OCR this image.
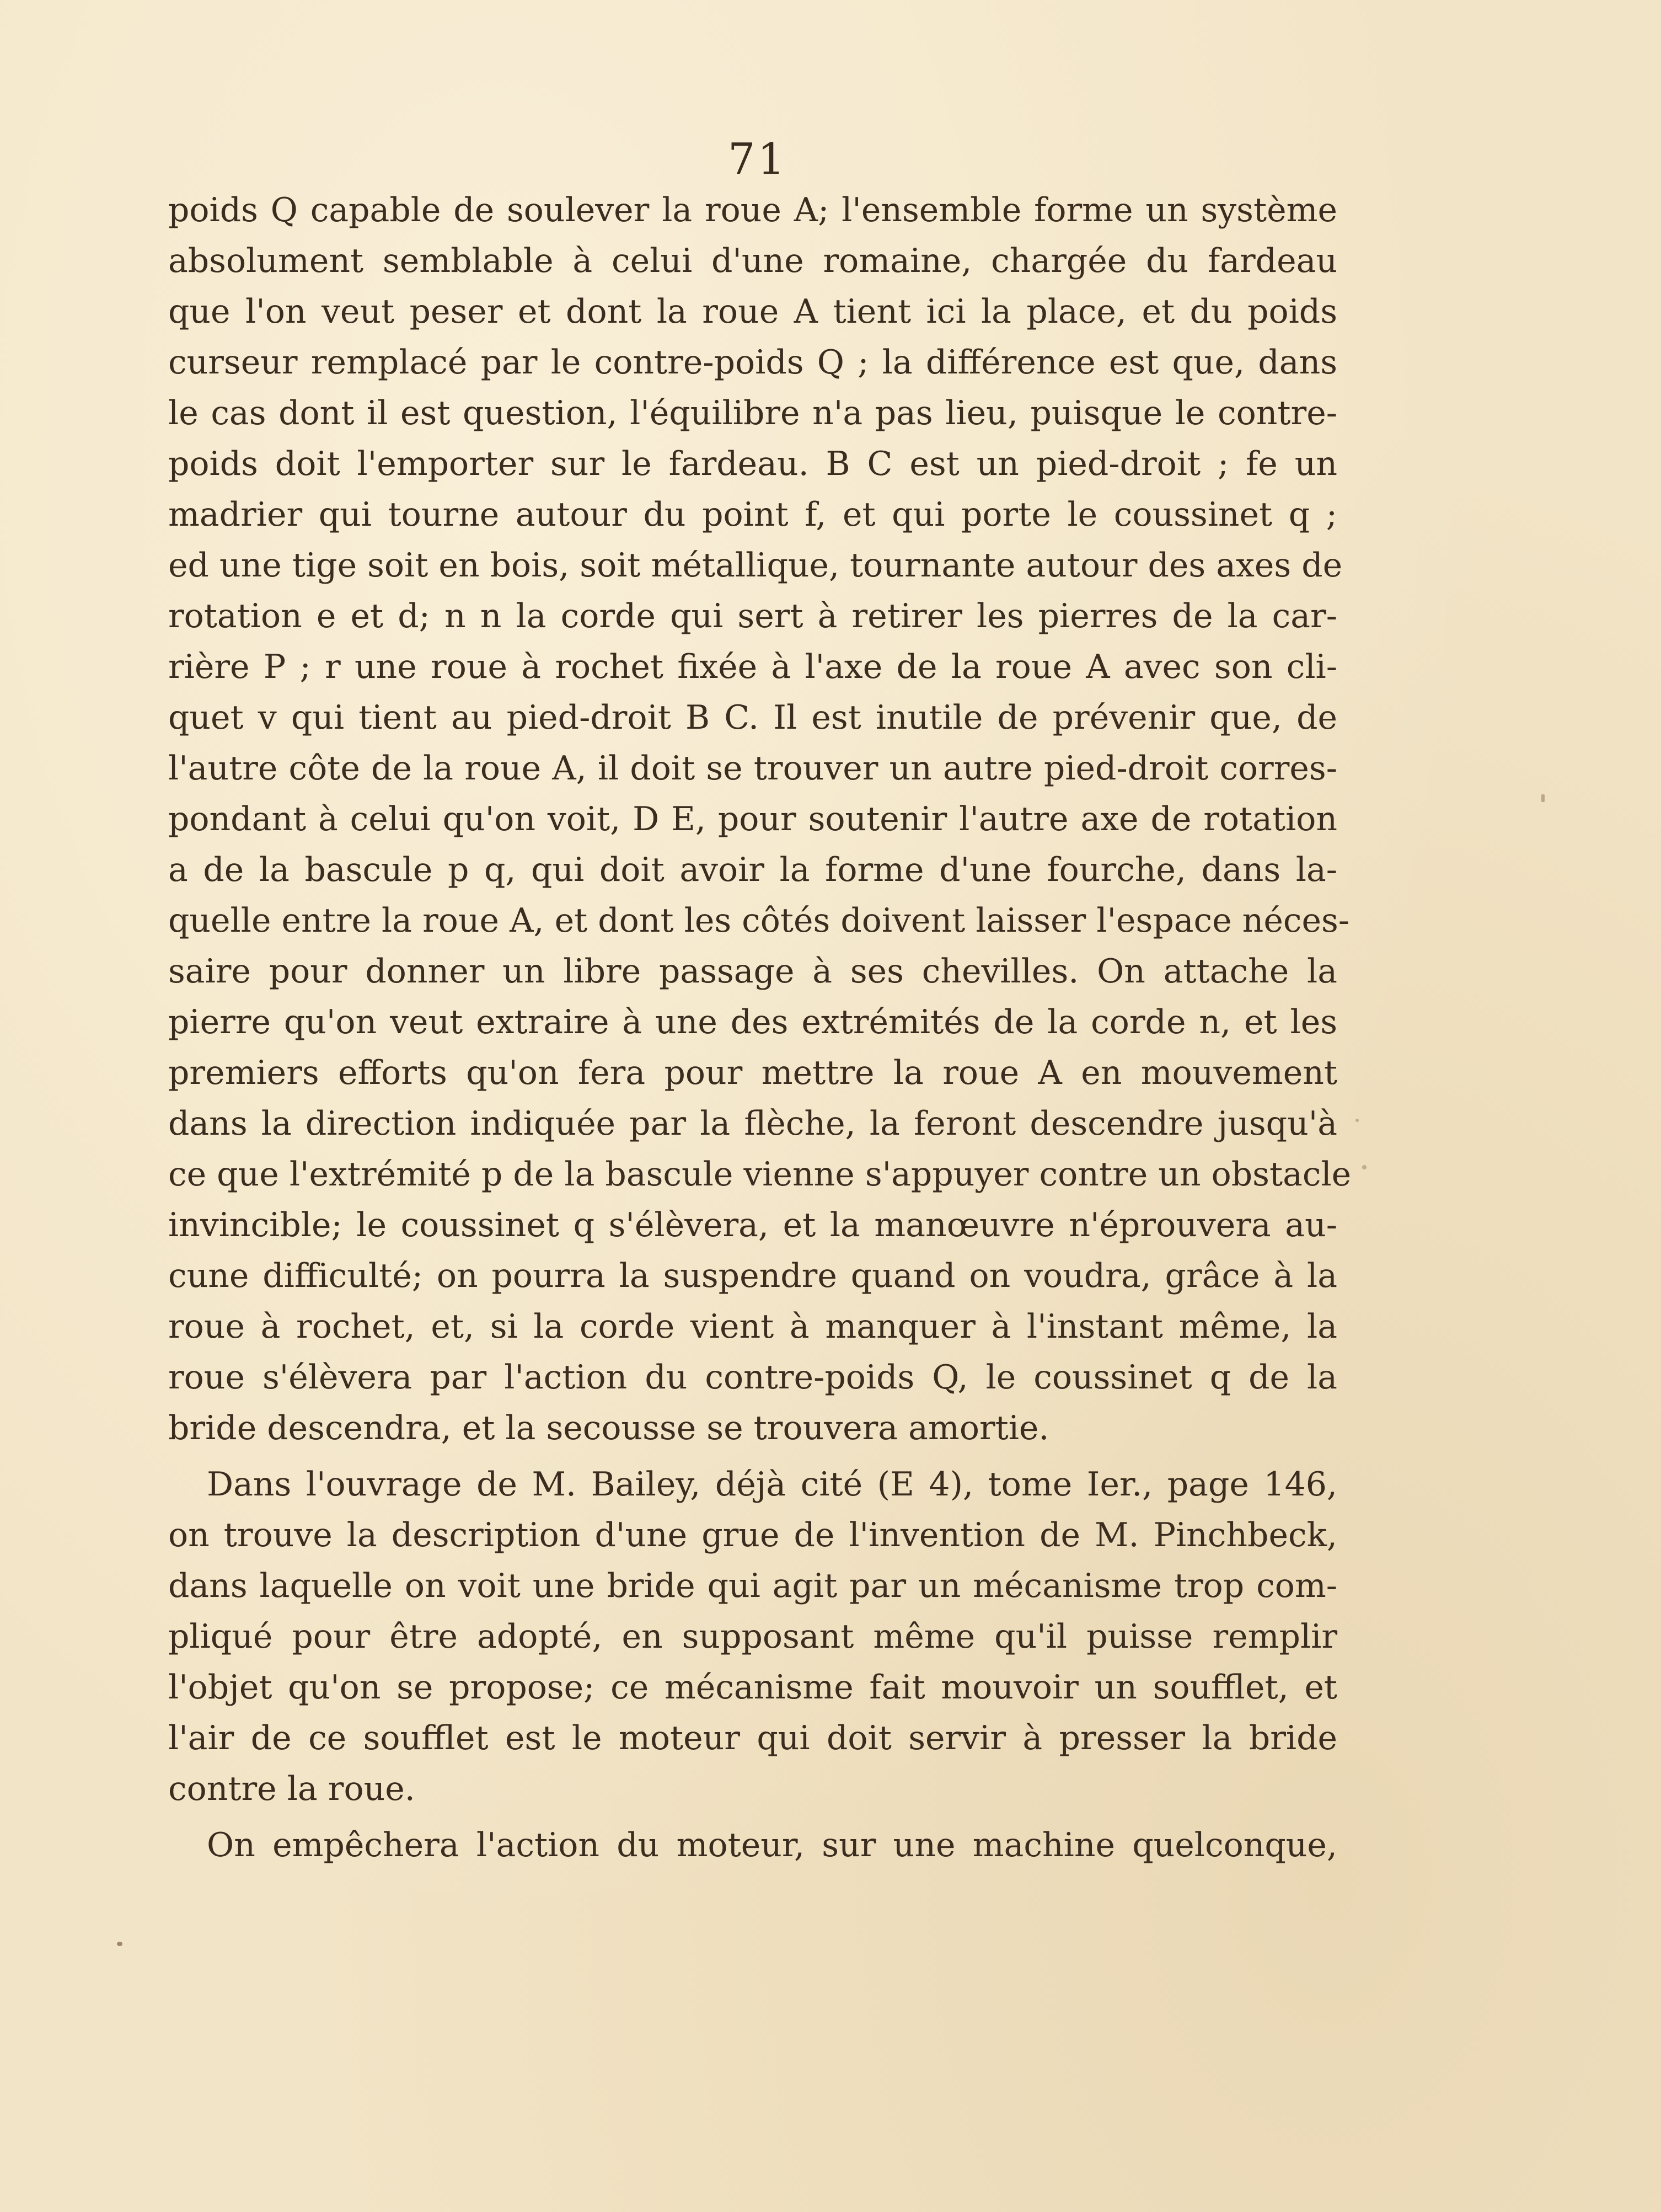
71
poids Q capable de soulever la roue A; l'ensemble forme un système
absolument semblable à celui d'une romaine, chargée du fardeau
que l'on veut peser et dont la roue A tient ici la place, et du poids
curseur remplacé par le contre-poids Q ; la différence est que, dans
le cas dont il est question, l'équilibre n'a pas lieu, puisque le contre-
poids doit l'emporter sur le fardeau. B C est un pied-droit ; fe un
madrier qui tourne autour du point f, et qui porte le coussinet q ;
ed une tige soit en bois, soit métallique, tournante autour des axes de
rotation e et d; n n la corde qui sert à retirer les pierres de la car-
rière P ; r une roue à rochet fixée à l'axe de la roue A avec son cli-
quet v qui tient au pied-droit B C. Il est inutile de prévenir que, de
l'autre côte de la roue A, il doit se trouver un autre pied-droit corres-
pondant à celui qu'on voit, D E, pour soutenir l'autre axe de rotation
a de la bascule p q, qui doit avoir la forme d'une fourche, dans la-
quelle entre la roue A, et dont les côtés doivent laisser l'espace néces-
saire pour donner un libre passage à ses chevilles. On attache la
pierre qu'on veut extraire à une des extrémités de la corde n, et les
premiers efforts qu'on fera pour mettre la roue A en mouvement
dans la direction indiquée par la flèche, la feront descendre jusqu'à
ce que l'extrémité p de la bascule vienne s'appuyer contre un obstacle
invincible; le coussinet q s'élèvera, et la manœuvre n'éprouvera au-
cune difficulté; on pourra la suspendre quand on voudra, grâce à la
roue à rochet, et, si la corde vient à manquer à l'instant même, la
roue s'élèvera par l'action du contre-poids Q, le coussinet q de la
bride descendra, et la secousse se trouvera amortie.
Dans l'ouvrage de M. Bailey, déjà cité (E 4), tome Ier., page 146,
on trouve la description d'une grue de l'invention de M. Pinchbeck,
dans laquelle on voit une bride qui agit par un mécanisme trop com-
pliqué pour être adopté, en supposant même qu'il puisse remplir
l'objet qu'on se propose; ce mécanisme fait mouvoir un soufflet, et
l'air de ce soufflet est le moteur qui doit servir à presser la bride
contre la roue.
On empêchera l'action du moteur, sur une machine quelconque,
